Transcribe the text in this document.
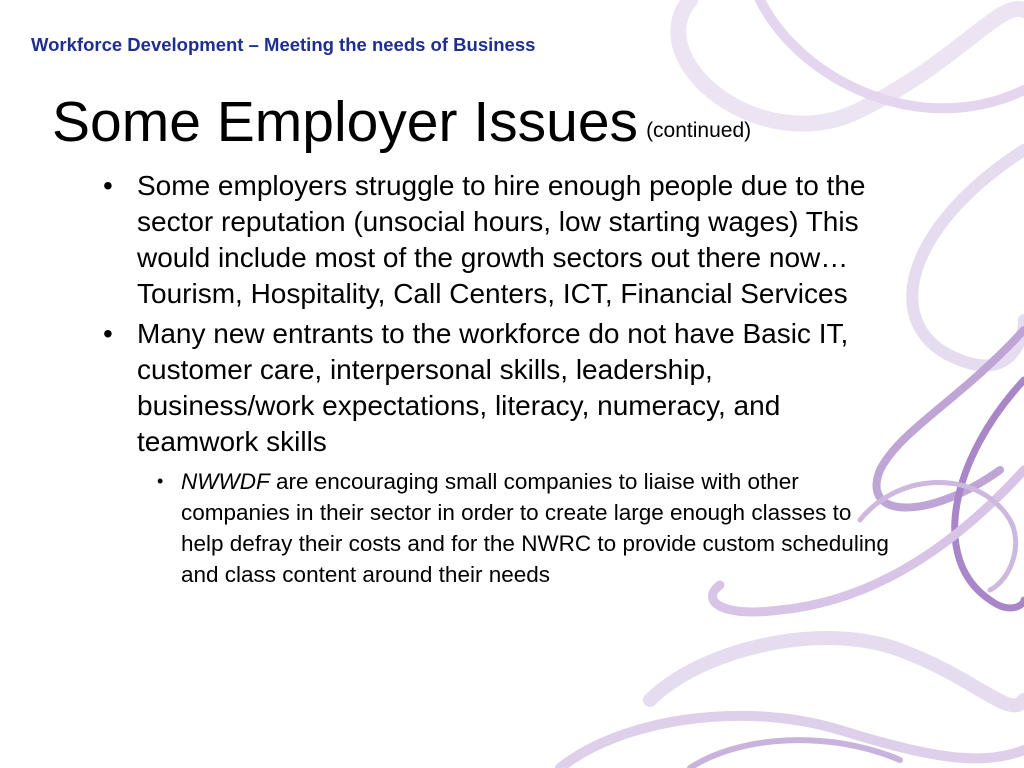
Workforce Development – Meeting the needs of Business
Some Employer Issues (continued)
• Some employers struggle to hire enough people due to the sector reputation (unsocial hours, low starting wages) This would include most of the growth sectors out there now… Tourism, Hospitality, Call Centers, ICT, Financial Services
• Many new entrants to the workforce do not have Basic IT, customer care, interpersonal skills, leadership, business/work expectations, literacy, numeracy, and teamwork skills
• NWWDF are encouraging small companies to liaise with other companies in their sector in order to create large enough classes to help defray their costs and for the NWRC to provide custom scheduling and class content around their needs
